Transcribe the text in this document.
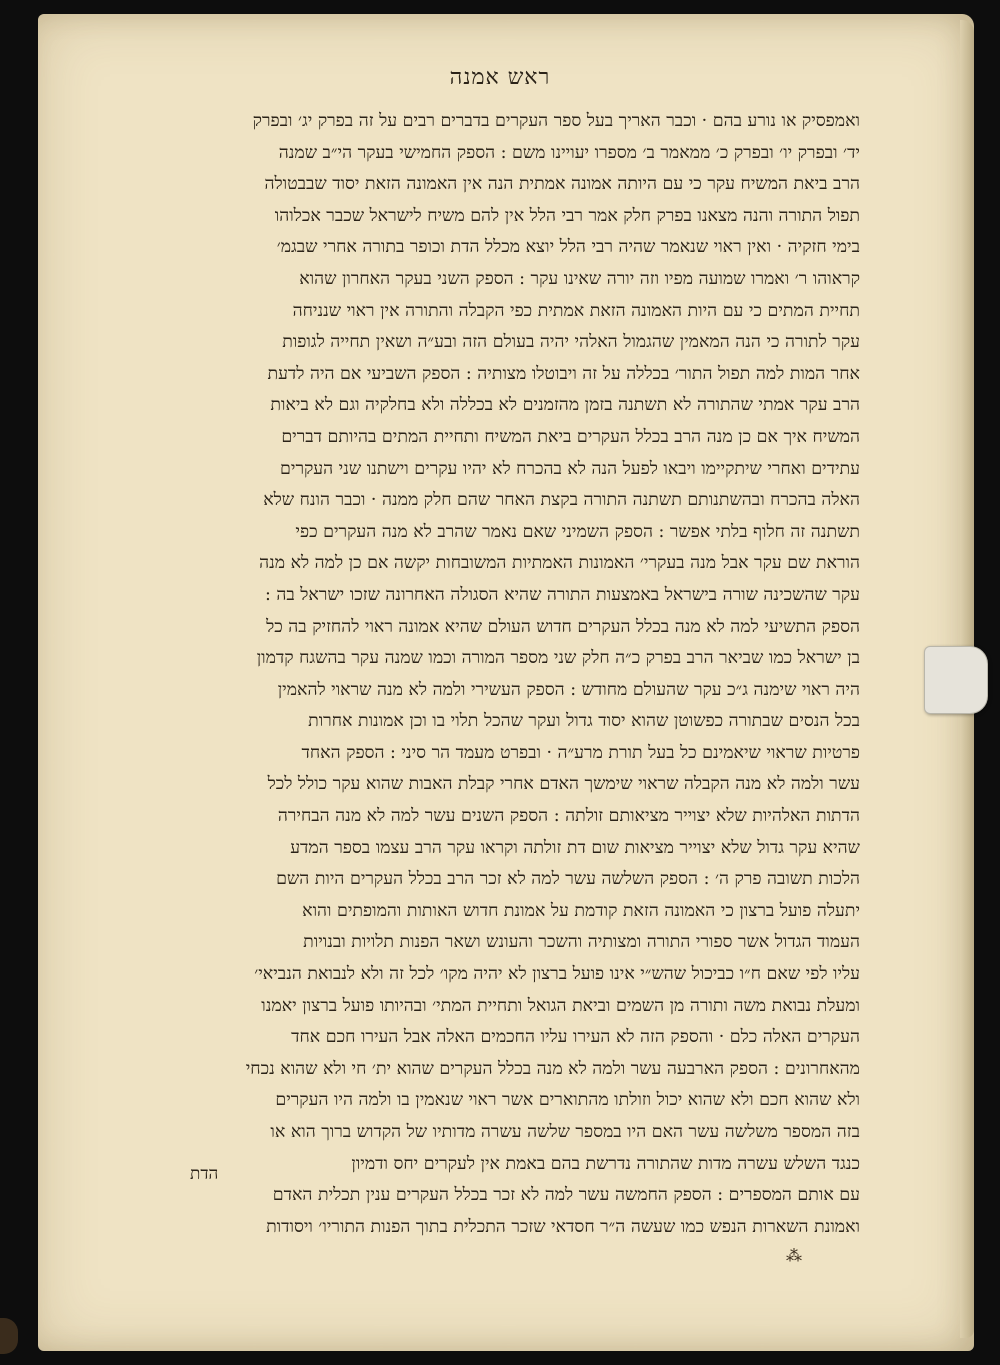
ראש אמנה
ואמפסיק או נורע בהם · וכבר האריך בעל ספר העקרים בדברים רבים על זה בפרק יג׳ ובפרק
יד׳ ובפרק יו׳ ובפרק כ׳ ממאמר ב׳ מספרו יעויינו משם : הספק החמישי בעקר הי״ב שמנה
הרב ביאת המשיח עקר כי עם היותה אמונה אמתית הנה אין האמונה הזאת יסוד שבבטולה
תפול התורה והנה מצאנו בפרק חלק אמר רבי הלל אין להם משיח לישראל שכבר אכלוהו
בימי חזקיה · ואין ראוי שנאמר שהיה רבי הלל יוצא מכלל הדת וכופר בתורה אחרי שבגמ׳
קראוהו ר׳ ואמרו שמועה מפיו וזה יורה שאינו עקר : הספק השני בעקר האחרון שהוא
תחיית המתים כי עם היות האמונה הזאת אמתית כפי הקבלה והתורה אין ראוי שנניחה
עקר לתורה כי הנה המאמין שהגמול האלהי יהיה בעולם הזה ובע״ה ושאין תחייה לגופות
אחר המות למה תפול התור׳ בכללה על זה ויבוטלו מצותיה : הספק השביעי אם היה לדעת
הרב עקר אמתי שהתורה לא תשתנה בזמן מהזמנים לא בכללה ולא בחלקיה וגם לא ביאות
המשיח איך אם כן מנה הרב בכלל העקרים ביאת המשיח ותחיית המתים בהיותם דברים
עתידים ואחרי שיתקיימו ויבאו לפעל הנה לא בהכרח לא יהיו עקרים וישתנו שני העקרים
האלה בהכרח ובהשתנותם תשתנה התורה בקצת האחר שהם חלק ממנה · וכבר הונח שלא
תשתנה זה חלוף בלתי אפשר : הספק השמיני שאם נאמר שהרב לא מנה העקרים כפי
הוראת שם עקר אבל מנה בעקרי׳ האמונות האמתיות המשובחות יקשה אם כן למה לא מנה
עקר שהשכינה שורה בישראל באמצעות התורה שהיא הסגולה האחרונה שזכו ישראל בה :
הספק התשיעי למה לא מנה בכלל העקרים חדוש העולם שהיא אמונה ראוי להחזיק בה כל
בן ישראל כמו שביאר הרב בפרק כ״ה חלק שני מספר המורה וכמו שמנה עקר בהשגח קדמון
היה ראוי שימנה ג״כ עקר שהעולם מחודש : הספק העשירי ולמה לא מנה שראוי להאמין
בכל הנסים שבתורה כפשוטן שהוא יסוד גדול ועקר שהכל תלוי בו וכן אמונות אחרות
פרטיות שראוי שיאמינם כל בעל תורת מרע״ה · ובפרט מעמד הר סיני : הספק האחד
עשר ולמה לא מנה הקבלה שראוי שימשך האדם אחרי קבלת האבות שהוא עקר כולל לכל
הדתות האלהיות שלא יצוייר מציאותם זולתה : הספק השנים עשר למה לא מנה הבחירה
שהיא עקר גדול שלא יצוייר מציאות שום דת זולתה וקראו עקר הרב עצמו בספר המדע
הלכות תשובה פרק ה׳ : הספק השלשה עשר למה לא זכר הרב בכלל העקרים היות השם
יתעלה פועל ברצון כי האמונה הזאת קודמת על אמונת חדוש האותות והמופתים והוא
העמוד הגדול אשר ספורי התורה ומצותיה והשכר והעונש ושאר הפנות תלויות ובנויות
עליו לפי שאם ח״ו כביכול שהש״י אינו פועל ברצון לא יהיה מקו׳ לכל זה ולא לנבואת הנביאי׳
ומעלת נבואת משה ותורה מן השמים וביאת הגואל ותחיית המתי׳ ובהיותו פועל ברצון יאמנו
העקרים האלה כלם · והספק הזה לא העירו עליו החכמים האלה אבל העירו חכם אחד
מהאחרונים : הספק הארבעה עשר ולמה לא מנה בכלל העקרים שהוא ית׳ חי ולא שהוא נכחי
ולא שהוא חכם ולא שהוא יכול וזולתו מהתוארים אשר ראוי שנאמין בו ולמה היו העקרים
בזה המספר משלשה עשר האם היו במספר שלשה עשרה מדותיו של הקדוש ברוך הוא או
כנגד השלש עשרה מדות שהתורה נדרשת בהם באמת אין לעקרים יחס ודמיון
עם אותם המספרים : הספק החמשה עשר למה לא זכר בכלל העקרים ענין תכלית האדם
ואמונת השארות הנפש כמו שעשה ה״ר חסדאי שזכר התכלית בתוך הפנות התוריו׳ ויסודות
הדת
⁂
